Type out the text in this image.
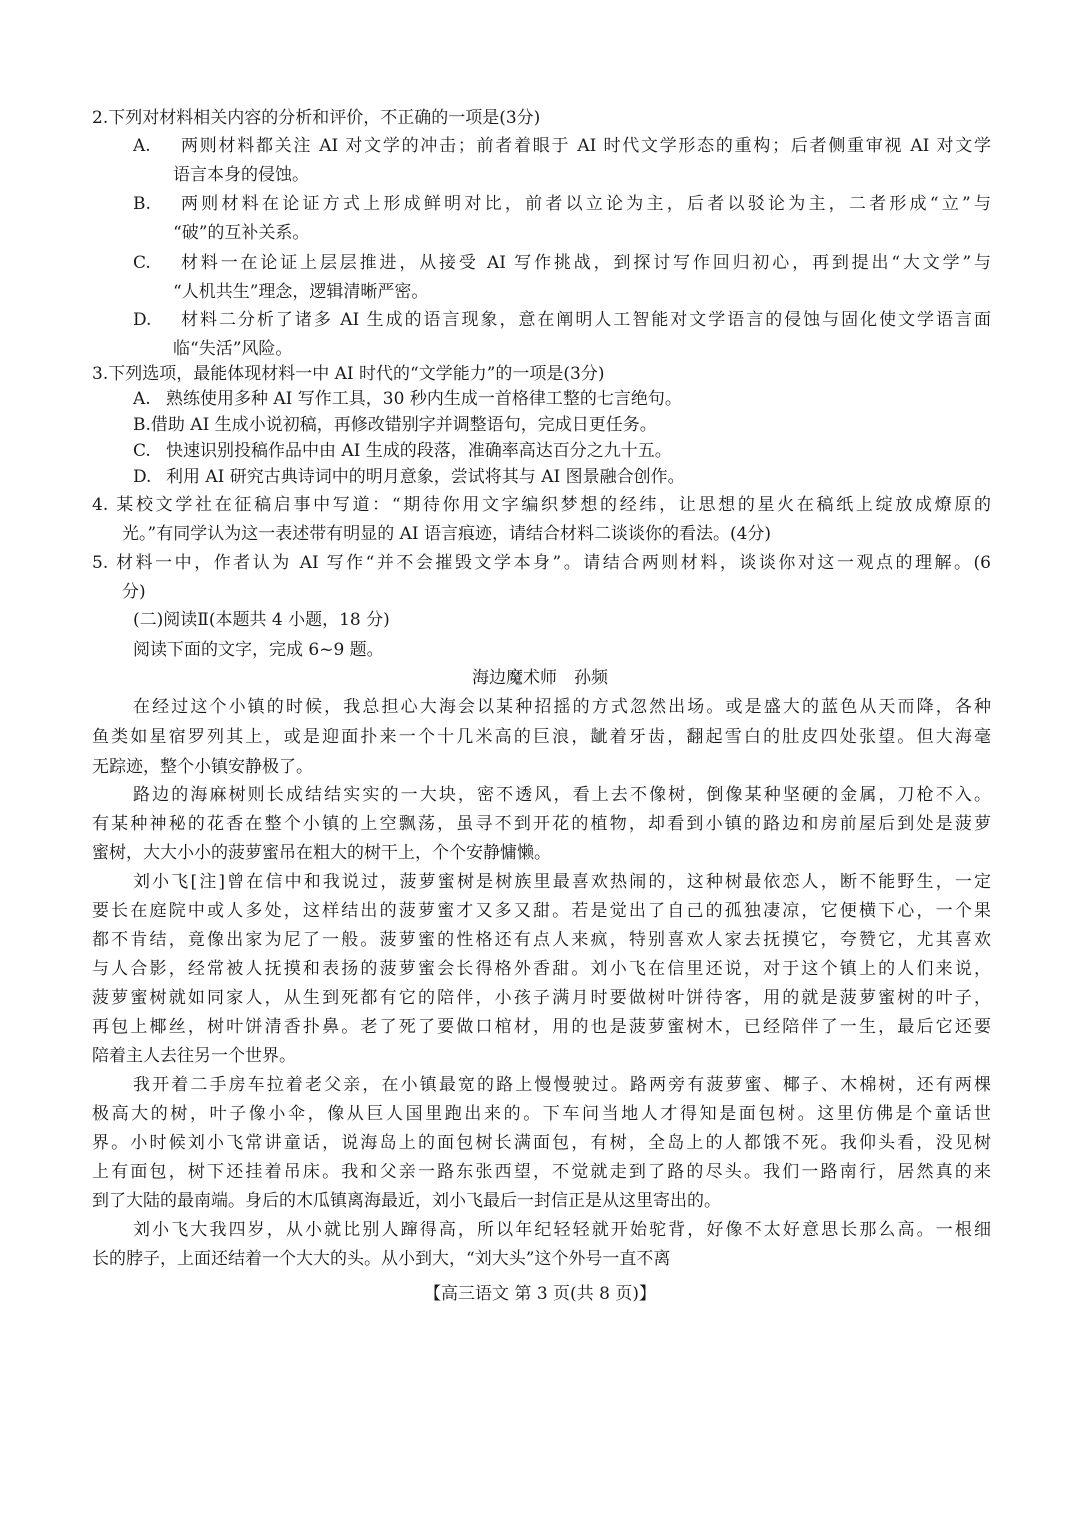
2.下列对材料相关内容的分析和评价，不正确的一项是(3分)
A. 两则材料都关注 AI 对文学的冲击；前者着眼于 AI 时代文学形态的重构；后者侧重审视 AI 对文学
语言本身的侵蚀。
B. 两则材料在论证方式上形成鲜明对比，前者以立论为主，后者以驳论为主，二者形成“立”与
“破”的互补关系。
C. 材料一在论证上层层推进，从接受 AI 写作挑战，到探讨写作回归初心，再到提出“大文学”与
“人机共生”理念，逻辑清晰严密。
D. 材料二分析了诸多 AI 生成的语言现象，意在阐明人工智能对文学语言的侵蚀与固化使文学语言面
临“失活”风险。
3.下列选项，最能体现材料一中 AI 时代的“文学能力”的一项是(3分)
A. 熟练使用多种 AI 写作工具，30 秒内生成一首格律工整的七言绝句。
B.借助 AI 生成小说初稿，再修改错别字并调整语句，完成日更任务。
C. 快速识别投稿作品中由 AI 生成的段落，准确率高达百分之九十五。
D. 利用 AI 研究古典诗词中的明月意象，尝试将其与 AI 图景融合创作。
4. 某校文学社在征稿启事中写道：“期待你用文字编织梦想的经纬，让思想的星火在稿纸上绽放成燎原的
光。”有同学认为这一表述带有明显的 AI 语言痕迹，请结合材料二谈谈你的看法。(4分)
5. 材料一中，作者认为 AI 写作“并不会摧毁文学本身”。请结合两则材料，谈谈你对这一观点的理解。(6
分)
(二)阅读Ⅱ(本题共 4 小题，18 分)
阅读下面的文字，完成 6~9 题。
海边魔术师　孙频
在经过这个小镇的时候，我总担心大海会以某种招摇的方式忽然出场。或是盛大的蓝色从天而降，各种
鱼类如星宿罗列其上，或是迎面扑来一个十几米高的巨浪，龇着牙齿，翻起雪白的肚皮四处张望。但大海毫
无踪迹，整个小镇安静极了。
路边的海麻树则长成结结实实的一大块，密不透风，看上去不像树，倒像某种坚硬的金属，刀枪不入。
有某种神秘的花香在整个小镇的上空飘荡，虽寻不到开花的植物，却看到小镇的路边和房前屋后到处是菠萝
蜜树，大大小小的菠萝蜜吊在粗大的树干上，个个安静慵懒。
刘小飞[注]曾在信中和我说过，菠萝蜜树是树族里最喜欢热闹的，这种树最依恋人，断不能野生，一定
要长在庭院中或人多处，这样结出的菠萝蜜才又多又甜。若是觉出了自己的孤独凄凉，它便横下心，一个果
都不肯结，竟像出家为尼了一般。菠萝蜜的性格还有点人来疯，特别喜欢人家去抚摸它，夸赞它，尤其喜欢
与人合影，经常被人抚摸和表扬的菠萝蜜会长得格外香甜。刘小飞在信里还说，对于这个镇上的人们来说，
菠萝蜜树就如同家人，从生到死都有它的陪伴，小孩子满月时要做树叶饼待客，用的就是菠萝蜜树的叶子，
再包上椰丝，树叶饼清香扑鼻。老了死了要做口棺材，用的也是菠萝蜜树木，已经陪伴了一生，最后它还要
陪着主人去往另一个世界。
我开着二手房车拉着老父亲，在小镇最宽的路上慢慢驶过。路两旁有菠萝蜜、椰子、木棉树，还有两棵
极高大的树，叶子像小伞，像从巨人国里跑出来的。下车问当地人才得知是面包树。这里仿佛是个童话世
界。小时候刘小飞常讲童话，说海岛上的面包树长满面包，有树，全岛上的人都饿不死。我仰头看，没见树
上有面包，树下还挂着吊床。我和父亲一路东张西望，不觉就走到了路的尽头。我们一路南行，居然真的来
到了大陆的最南端。身后的木瓜镇离海最近，刘小飞最后一封信正是从这里寄出的。
刘小飞大我四岁，从小就比别人蹿得高，所以年纪轻轻就开始驼背，好像不太好意思长那么高。一根细
长的脖子，上面还结着一个大大的头。从小到大，“刘大头”这个外号一直不离
【高三语文 第 3 页(共 8 页)】
